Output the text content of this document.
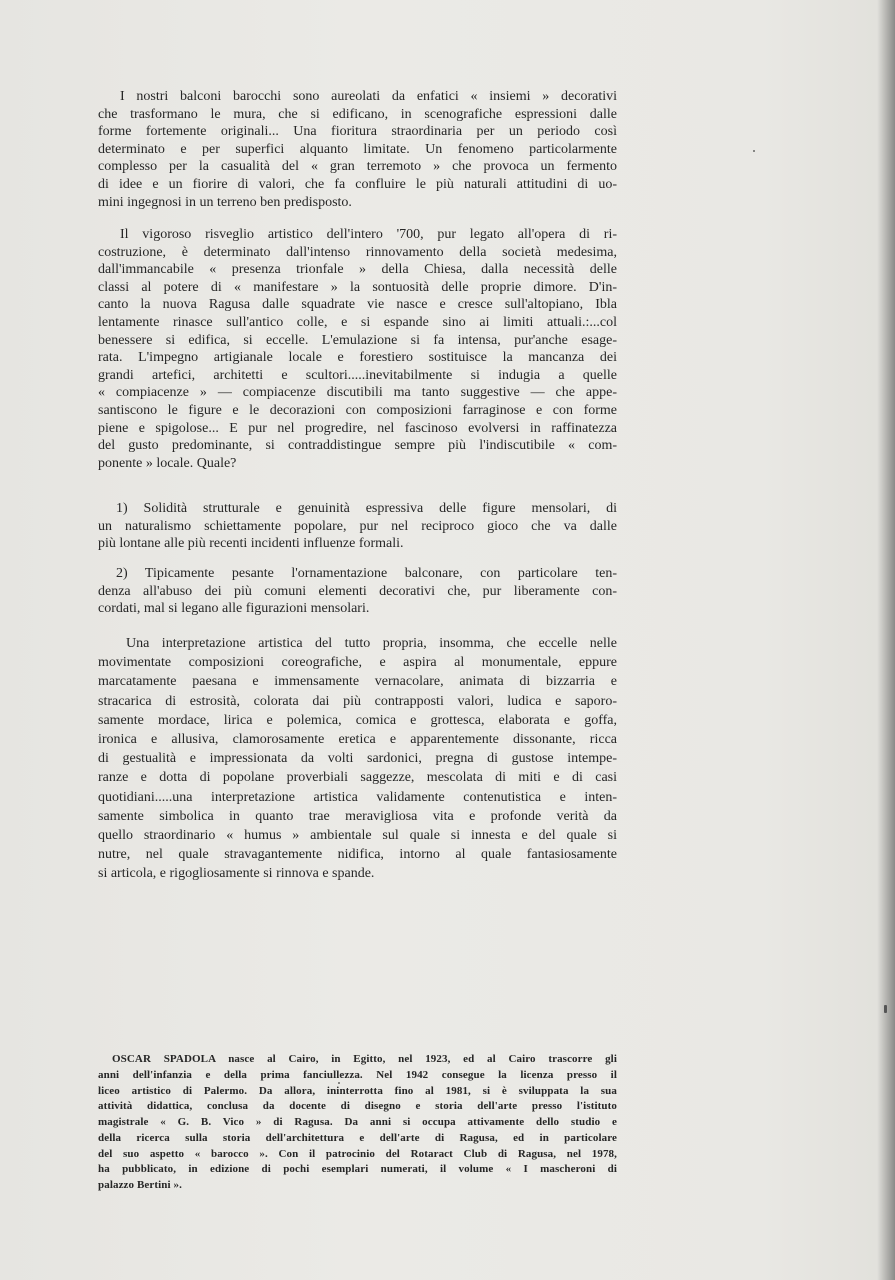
I nostri balconi barocchi sono aureolati da enfatici « insiemi » decorativi
che trasformano le mura, che si edificano, in scenografiche espressioni dalle
forme fortemente originali... Una fioritura straordinaria per un periodo così
determinato e per superfici alquanto limitate. Un fenomeno particolarmente
complesso per la casualità del « gran terremoto » che provoca un fermento
di idee e un fiorire di valori, che fa confluire le più naturali attitudini di uo-
mini ingegnosi in un terreno ben predisposto.
Il vigoroso risveglio artistico dell'intero '700, pur legato all'opera di ri-
costruzione, è determinato dall'intenso rinnovamento della società medesima,
dall'immancabile « presenza trionfale » della Chiesa, dalla necessità delle
classi al potere di « manifestare » la sontuosità delle proprie dimore. D'in-
canto la nuova Ragusa dalle squadrate vie nasce e cresce sull'altopiano, Ibla
lentamente rinasce sull'antico colle, e si espande sino ai limiti attuali.:...col
benessere si edifica, si eccelle. L'emulazione si fa intensa, pur'anche esage-
rata. L'impegno artigianale locale e forestiero sostituisce la mancanza dei
grandi artefici, architetti e scultori.....inevitabilmente si indugia a quelle
« compiacenze » — compiacenze discutibili ma tanto suggestive — che appe-
santiscono le figure e le decorazioni con composizioni farraginose e con forme
piene e spigolose... E pur nel progredire, nel fascinoso evolversi in raffinatezza
del gusto predominante, si contraddistingue sempre più l'indiscutibile « com-
ponente » locale. Quale?
1) Solidità strutturale e genuinità espressiva delle figure mensolari, di
un naturalismo schiettamente popolare, pur nel reciproco gioco che va dalle
più lontane alle più recenti incidenti influenze formali.
2) Tipicamente pesante l'ornamentazione balconare, con particolare ten-
denza all'abuso dei più comuni elementi decorativi che, pur liberamente con-
cordati, mal si legano alle figurazioni mensolari.
Una interpretazione artistica del tutto propria, insomma, che eccelle nelle
movimentate composizioni coreografiche, e aspira al monumentale, eppure
marcatamente paesana e immensamente vernacolare, animata di bizzarria e
stracarica di estrosità, colorata dai più contrapposti valori, ludica e saporo-
samente mordace, lirica e polemica, comica e grottesca, elaborata e goffa,
ironica e allusiva, clamorosamente eretica e apparentemente dissonante, ricca
di gestualità e impressionata da volti sardonici, pregna di gustose intempe-
ranze e dotta di popolane proverbiali saggezze, mescolata di miti e di casi
quotidiani.....una interpretazione artistica validamente contenutistica e inten-
samente simbolica in quanto trae meravigliosa vita e profonde verità da
quello straordinario « humus » ambientale sul quale si innesta e del quale si
nutre, nel quale stravagantemente nidifica, intorno al quale fantasiosamente
si articola, e rigogliosamente si rinnova e spande.
OSCAR SPADOLA nasce al Cairo, in Egitto, nel 1923, ed al Cairo trascorre gli
anni dell'infanzia e della prima fanciullezza. Nel 1942 consegue la licenza presso il
liceo artistico di Palermo. Da allora, ininterrotta fino al 1981, si è sviluppata la sua
attività didattica, conclusa da docente di disegno e storia dell'arte presso l'istituto
magistrale « G. B. Vico » di Ragusa. Da anni si occupa attivamente dello studio e
della ricerca sulla storia dell'architettura e dell'arte di Ragusa, ed in particolare
del suo aspetto « barocco ». Con il patrocinio del Rotaract Club di Ragusa, nel 1978,
ha pubblicato, in edizione di pochi esemplari numerati, il volume « I mascheroni di
palazzo Bertini ».
